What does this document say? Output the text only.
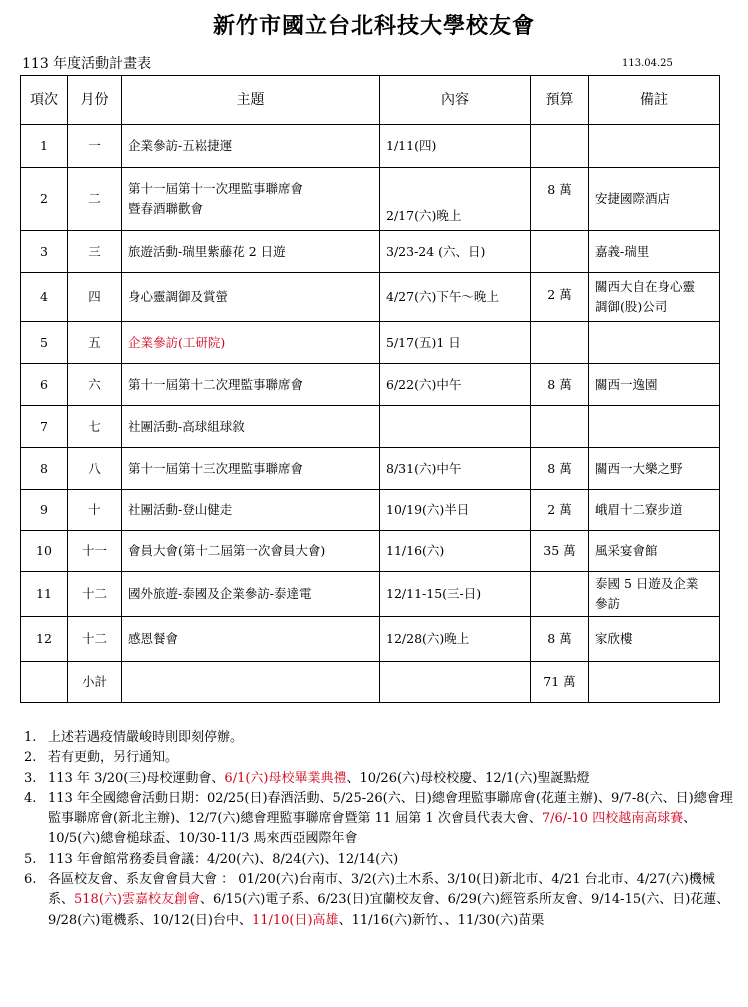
新竹市國立台北科技大學校友會
113 年度活動計畫表	113.04.25
項次	月份	主題	內容	預算	備註
1	一	企業參訪-五崧捷運	1/11(四)		
2	二	第十一屆第十一次理監事聯席會
暨春酒聯歡會	2/17(六)晚上	8 萬	安捷國際酒店
3	三	旅遊活動-瑞里紫藤花 2 日遊	3/23-24 (六、日)		嘉義-瑞里
4	四	身心靈調御及賞螢	4/27(六)下午～晚上	2 萬	關西大自在身心靈
調御(股)公司
5	五	企業參訪(工研院)	5/17(五)1 日		
6	六	第十一屆第十二次理監事聯席會	6/22(六)中午	8 萬	關西一逸園
7	七	社團活動-高球組球敘			
8	八	第十一屆第十三次理監事聯席會	8/31(六)中午	8 萬	關西一大樂之野
9	十	社團活動-登山健走	10/19(六)半日	2 萬	峨眉十二寮步道
10	十一	會員大會(第十二屆第一次會員大會)	11/16(六)	35 萬	風采宴會館
11	十二	國外旅遊-泰國及企業參訪-泰達電	12/11-15(三-日)		泰國 5 日遊及企業
參訪
12	十二	感恩餐會	12/28(六)晚上	8 萬	家欣樓
	小計			71 萬	
1. 上述若遇疫情嚴峻時則即刻停辦。
2. 若有更動，另行通知。
3. 113 年 3/20(三)母校運動會、6/1(六)母校畢業典禮、10/26(六)母校校慶、12/1(六)聖誕點燈
4. 113 年全國總會活動日期：02/25(日)春酒活動、5/25-26(六、日)總會理監事聯席會(花蓮主辦)、9/7-8(六、日)總會理監事聯席會(新北主辦)、12/7(六)總會理監事聯席會暨第 11 屆第 1 次會員代表大會、7/6/-10 四校越南高球賽、10/5(六)總會槌球盃、10/30-11/3 馬來西亞國際年會
5. 113 年會館常務委員會議：4/20(六)、8/24(六)、12/14(六)
6. 各區校友會、系友會會員大會 ： 01/20(六)台南市、3/2(六)土木系、3/10(日)新北市、4/21 台北市、4/27(六)機械系、518(六)雲嘉校友創會、6/15(六)電子系、6/23(日)宜蘭校友會、6/29(六)經管系所友會、9/14-15(六、日)花蓮、9/28(六)電機系、10/12(日)台中、11/10(日)高雄、11/16(六)新竹、、11/30(六)苗栗
